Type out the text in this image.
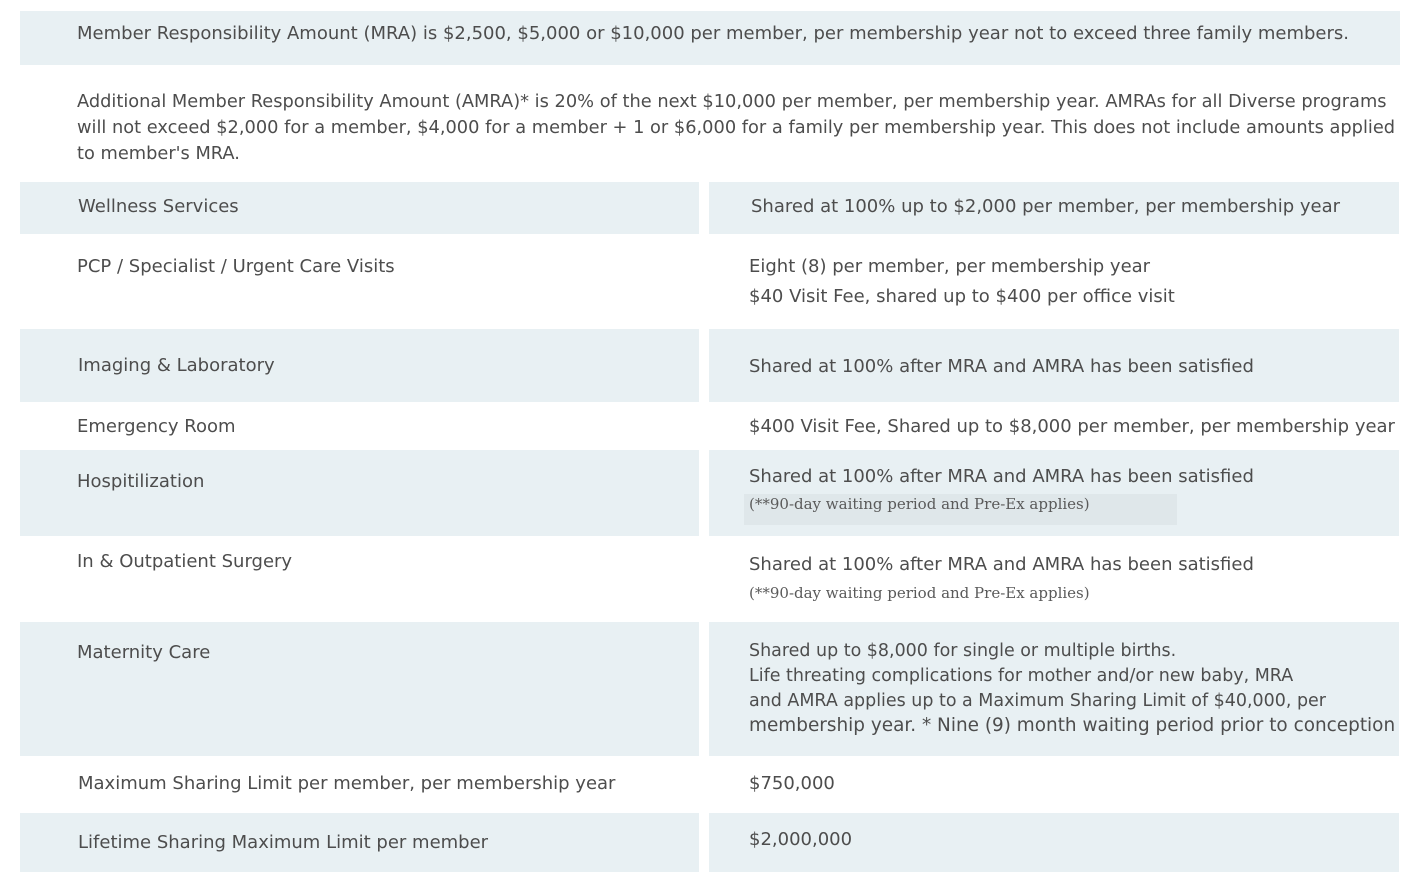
Member Responsibility Amount (MRA) is $2,500, $5,000 or $10,000 per member, per membership year not to exceed three family members.
Additional Member Responsibility Amount (AMRA)* is 20% of the next $10,000 per member, per membership year. AMRAs for all Diverse programs
will not exceed $2,000 for a member, $4,000 for a member + 1 or $6,000 for a family per membership year. This does not include amounts applied
to member's MRA.
Wellness Services	Shared at 100% up to $2,000 per member, per membership year
PCP / Specialist / Urgent Care Visits	Eight (8) per member, per membership year
$40 Visit Fee, shared up to $400 per office visit
Imaging & Laboratory	Shared at 100% after MRA and AMRA has been satisfied
Emergency Room	$400 Visit Fee, Shared up to $8,000 per member, per membership year
Hospitilization	Shared at 100% after MRA and AMRA has been satisfied
(**90-day waiting period and Pre-Ex applies)
In & Outpatient Surgery	Shared at 100% after MRA and AMRA has been satisfied
(**90-day waiting period and Pre-Ex applies)
Maternity Care	Shared up to $8,000 for single or multiple births.
Life threating complications for mother and/or new baby, MRA
and AMRA applies up to a Maximum Sharing Limit of $40,000, per
membership year. * Nine (9) month waiting period prior to conception
Maximum Sharing Limit per member, per membership year	$750,000
Lifetime Sharing Maximum Limit per member	$2,000,000
